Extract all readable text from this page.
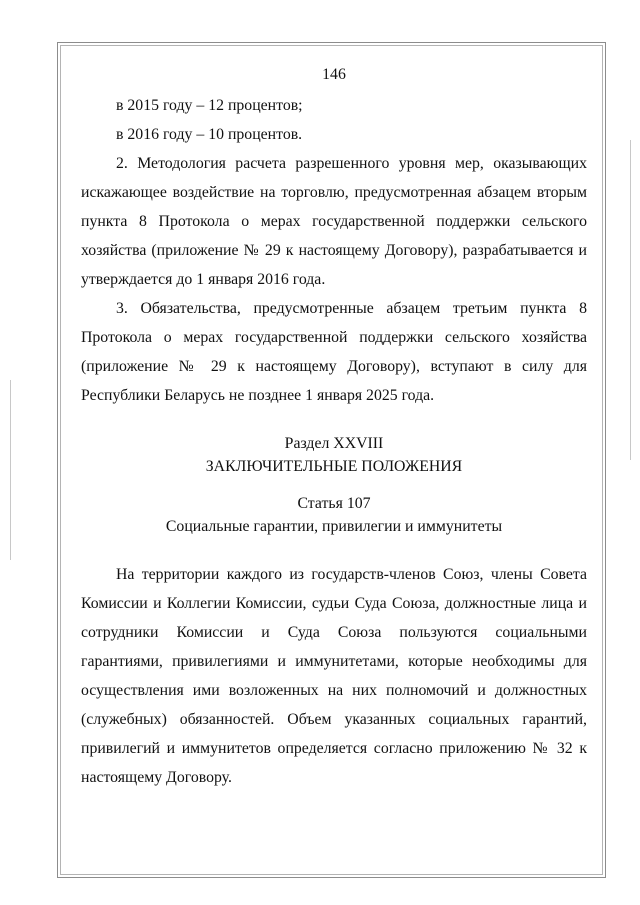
146

в 2015 году – 12 процентов;

в 2016 году – 10 процентов.

2. Методология расчета разрешенного уровня мер, оказывающих искажающее воздействие на торговлю, предусмотренная абзацем вторым пункта 8 Протокола о мерах государственной поддержки сельского хозяйства (приложение № 29 к настоящему Договору), разрабатывается и утверждается до 1 января 2016 года.

3. Обязательства, предусмотренные абзацем третьим пункта 8 Протокола о мерах государственной поддержки сельского хозяйства (приложение № 29 к настоящему Договору), вступают в силу для Республики Беларусь не позднее 1 января 2025 года.

Раздел XXVIII
ЗАКЛЮЧИТЕЛЬНЫЕ ПОЛОЖЕНИЯ
Статья 107
Социальные гарантии, привилегии и иммунитеты

На территории каждого из государств-членов Союз, члены Совета Комиссии и Коллегии Комиссии, судьи Суда Союза, должностные лица и сотрудники Комиссии и Суда Союза пользуются социальными гарантиями, привилегиями и иммунитетами, которые необходимы для осуществления ими возложенных на них полномочий и должностных (служебных) обязанностей. Объем указанных социальных гарантий, привилегий и иммунитетов определяется согласно приложению № 32 к настоящему Договору.
